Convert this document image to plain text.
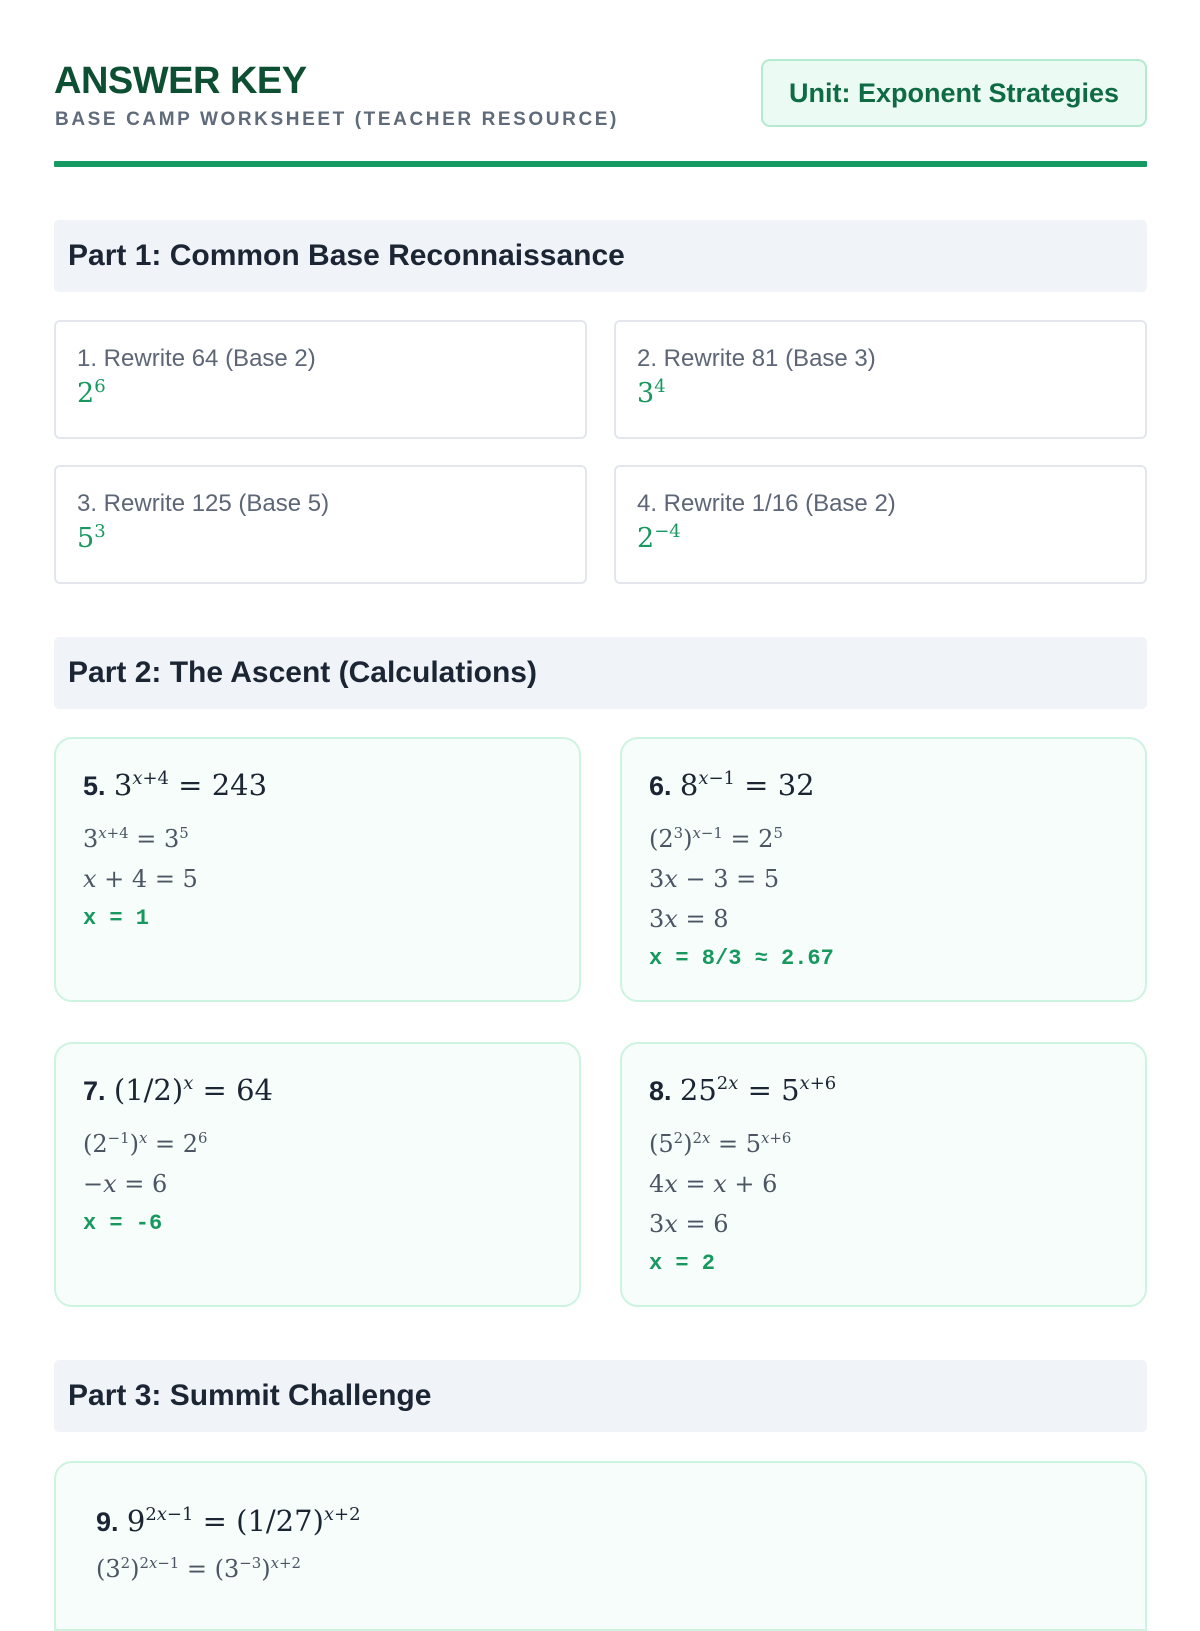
ANSWER KEY
BASE CAMP WORKSHEET (TEACHER RESOURCE)
Unit: Exponent Strategies
Part 1: Common Base Reconnaissance
1. Rewrite 64 (Base 2)
$2^6$
2. Rewrite 81 (Base 3)
$3^4$
3. Rewrite 125 (Base 5)
$5^3$
4. Rewrite 1/16 (Base 2)
$2^{-4}$
Part 2: The Ascent (Calculations)
5. $3^{x+4} = 243$
$3^{x+4} = 3^5$
x + 4 = 5
x = 1
6. $8^{x-1} = 32$
$(2^3)^{x-1} = 2^5$
3x − 3 = 5
3x = 8
x = 8/3 ≈ 2.67
7. $(1/2)^x = 64$
$(2^{-1})^x = 2^6$
−x = 6
x = -6
8. $25^{2x} = 5^{x+6}$
$(5^2)^{2x} = 5^{x+6}$
4x = x + 6
3x = 6
x = 2
Part 3: Summit Challenge
9. $9^{2x-1} = (1/27)^{x+2}$
$(3^2)^{2x-1} = (3^{-3})^{x+2}$
